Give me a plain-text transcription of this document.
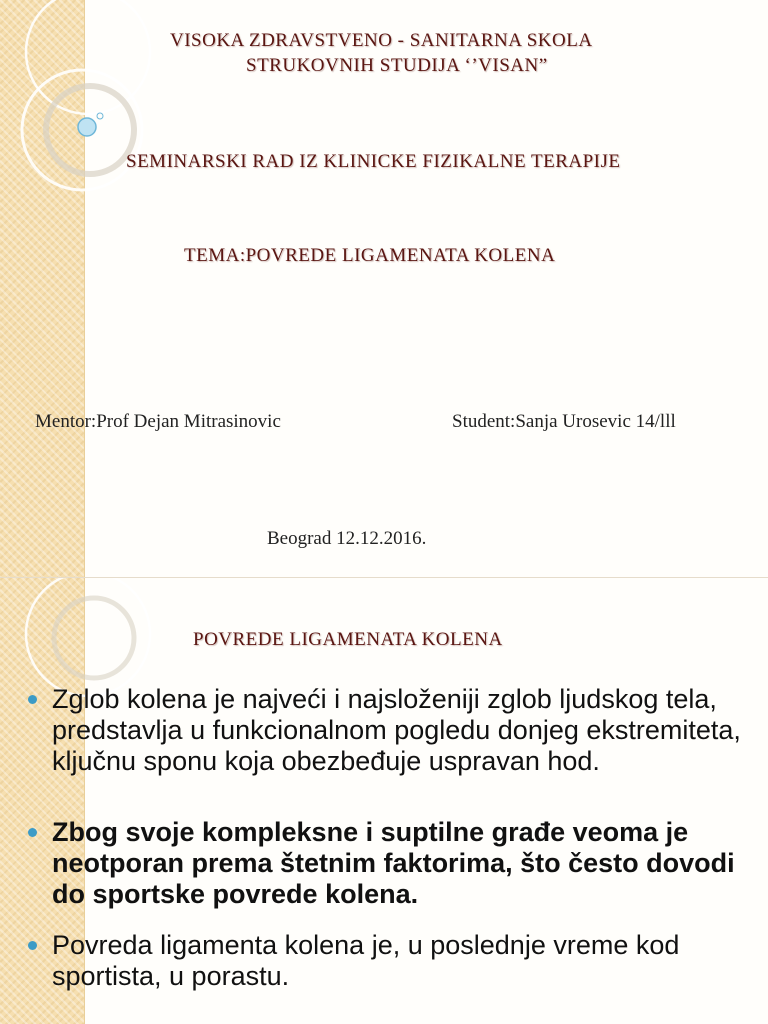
VISOKA ZDRAVSTVENO - SANITARNA SKOLA
STRUKOVNIH STUDIJA ‘’VISAN”
SEMINARSKI RAD IZ KLINICKE FIZIKALNE TERAPIJE
TEMA:POVREDE LIGAMENATA KOLENA
Mentor:Prof Dejan Mitrasinovic	Student:Sanja Urosevic 14/lll
Beograd 12.12.2016.
POVREDE LIGAMENATA KOLENA
Zglob kolena je najveći i najsloženiji zglob ljudskog tela, predstavlja u funkcionalnom pogledu donjeg ekstremiteta, ključnu sponu koja obezbeđuje uspravan hod.
Zbog svoje kompleksne i suptilne građe veoma je neotporan prema štetnim faktorima, što često dovodi do sportske povrede kolena.
Povreda ligamenta kolena je, u poslednje vreme kod sportista, u porastu.
